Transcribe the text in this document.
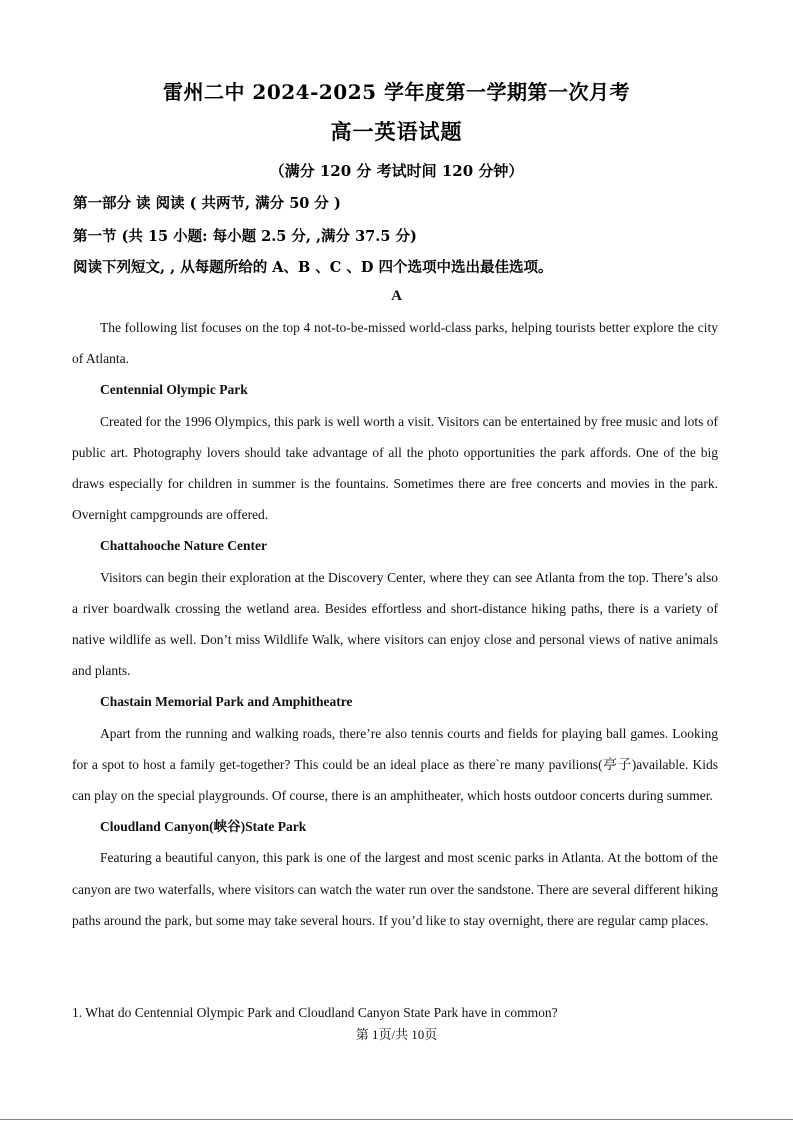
雷州二中 2024-2025 学年度第一学期第一次月考
高一英语试题
（满分 120 分 考试时间 120 分钟）
第一部分 读 阅读 ( 共两节, 满分 50 分 )
第一节 (共 15 小题: 每小题 2.5 分, ,满分 37.5 分)
阅读下列短文, , 从每题所给的 A、B 、C 、D 四个选项中选出最佳选项。
A

The following list focuses on the top 4 not-to-be-missed world-class parks, helping tourists better explore the city of Atlanta.

Centennial Olympic Park

Created for the 1996 Olympics, this park is well worth a visit. Visitors can be entertained by free music and lots of public art. Photography lovers should take advantage of all the photo opportunities the park affords. One of the big draws especially for children in summer is the fountains. Sometimes there are free concerts and movies in the park. Overnight campgrounds are offered.

Chattahooche Nature Center

Visitors can begin their exploration at the Discovery Center, where they can see Atlanta from the top. There’s also a river boardwalk crossing the wetland area. Besides effortless and short-distance hiking paths, there is a variety of native wildlife as well. Don’t miss Wildlife Walk, where visitors can enjoy close and personal views of native animals and plants.

Chastain Memorial Park and Amphitheatre

Apart from the running and walking roads, there’re also tennis courts and fields for playing ball games. Looking for a spot to host a family get-together? This could be an ideal place as there`re many pavilions(亭子)available. Kids can play on the special playgrounds. Of course, there is an amphitheater, which hosts outdoor concerts during summer.

Cloudland Canyon(峡谷)State Park

Featuring a beautiful canyon, this park is one of the largest and most scenic parks in Atlanta. At the bottom of the canyon are two waterfalls, where visitors can watch the water run over the sandstone. There are several different hiking paths around the park, but some may take several hours. If you’d like to stay overnight, there are regular camp places.

1. What do Centennial Olympic Park and Cloudland Canyon State Park have in common?
第 1页/共 10页
